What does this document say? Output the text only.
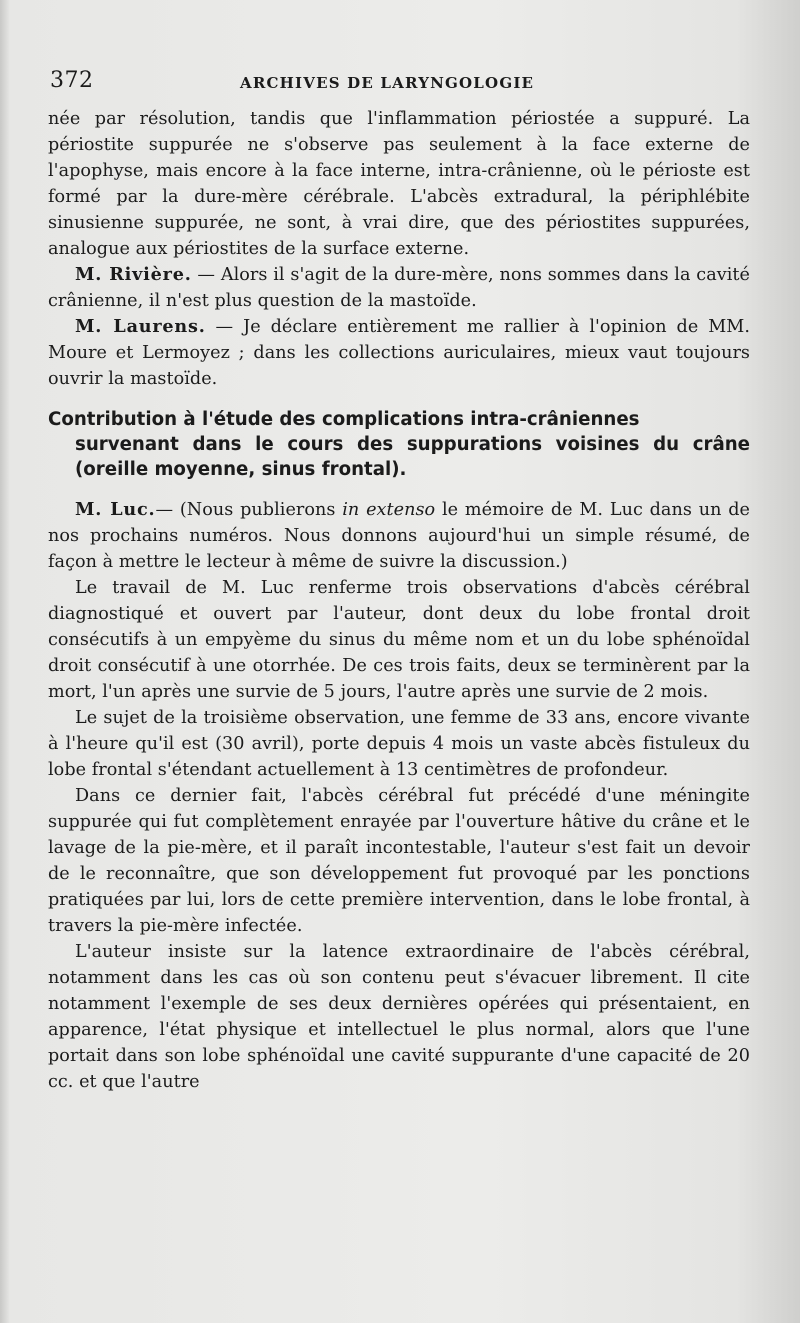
372	ARCHIVES DE LARYNGOLOGIE

née par résolution, tandis que l'inflammation périostée a suppuré. La périostite suppurée ne s'observe pas seulement à la face externe de l'apophyse, mais encore à la face interne, intra-crânienne, où le périoste est formé par la dure-mère cérébrale. L'abcès extradural, la périphlébite sinusienne suppurée, ne sont, à vrai dire, que des périostites suppurées, analogue aux périostites de la surface externe.

M. Rivière. — Alors il s'agit de la dure-mère, nons sommes dans la cavité crânienne, il n'est plus question de la mastoïde.

M. Laurens. — Je déclare entièrement me rallier à l'opinion de MM. Moure et Lermoyez ; dans les collections auriculaires, mieux vaut toujours ouvrir la mastoïde.

Contribution à l'étude des complications intra-crâniennes
survenant dans le cours des suppurations voisines du crâne (oreille moyenne, sinus frontal).

M. Luc.— (Nous publierons in extenso le mémoire de M. Luc dans un de nos prochains numéros. Nous donnons aujourd'hui un simple résumé, de façon à mettre le lecteur à même de suivre la discussion.)

Le travail de M. Luc renferme trois observations d'abcès cérébral diagnostiqué et ouvert par l'auteur, dont deux du lobe frontal droit consécutifs à un empyème du sinus du même nom et un du lobe sphénoïdal droit consécutif à une otorrhée. De ces trois faits, deux se terminèrent par la mort, l'un après une survie de 5 jours, l'autre après une survie de 2 mois.

Le sujet de la troisième observation, une femme de 33 ans, encore vivante à l'heure qu'il est (30 avril), porte depuis 4 mois un vaste abcès fistuleux du lobe frontal s'étendant actuellement à 13 centimètres de profondeur.

Dans ce dernier fait, l'abcès cérébral fut précédé d'une méningite suppurée qui fut complètement enrayée par l'ouverture hâtive du crâne et le lavage de la pie-mère, et il paraît incontestable, l'auteur s'est fait un devoir de le reconnaître, que son développement fut provoqué par les ponctions pratiquées par lui, lors de cette première intervention, dans le lobe frontal, à travers la pie-mère infectée.

L'auteur insiste sur la latence extraordinaire de l'abcès cérébral, notamment dans les cas où son contenu peut s'évacuer librement. Il cite notamment l'exemple de ses deux dernières opérées qui présentaient, en apparence, l'état physique et intellectuel le plus normal, alors que l'une portait dans son lobe sphénoïdal une cavité suppurante d'une capacité de 20 cc. et que l'autre
